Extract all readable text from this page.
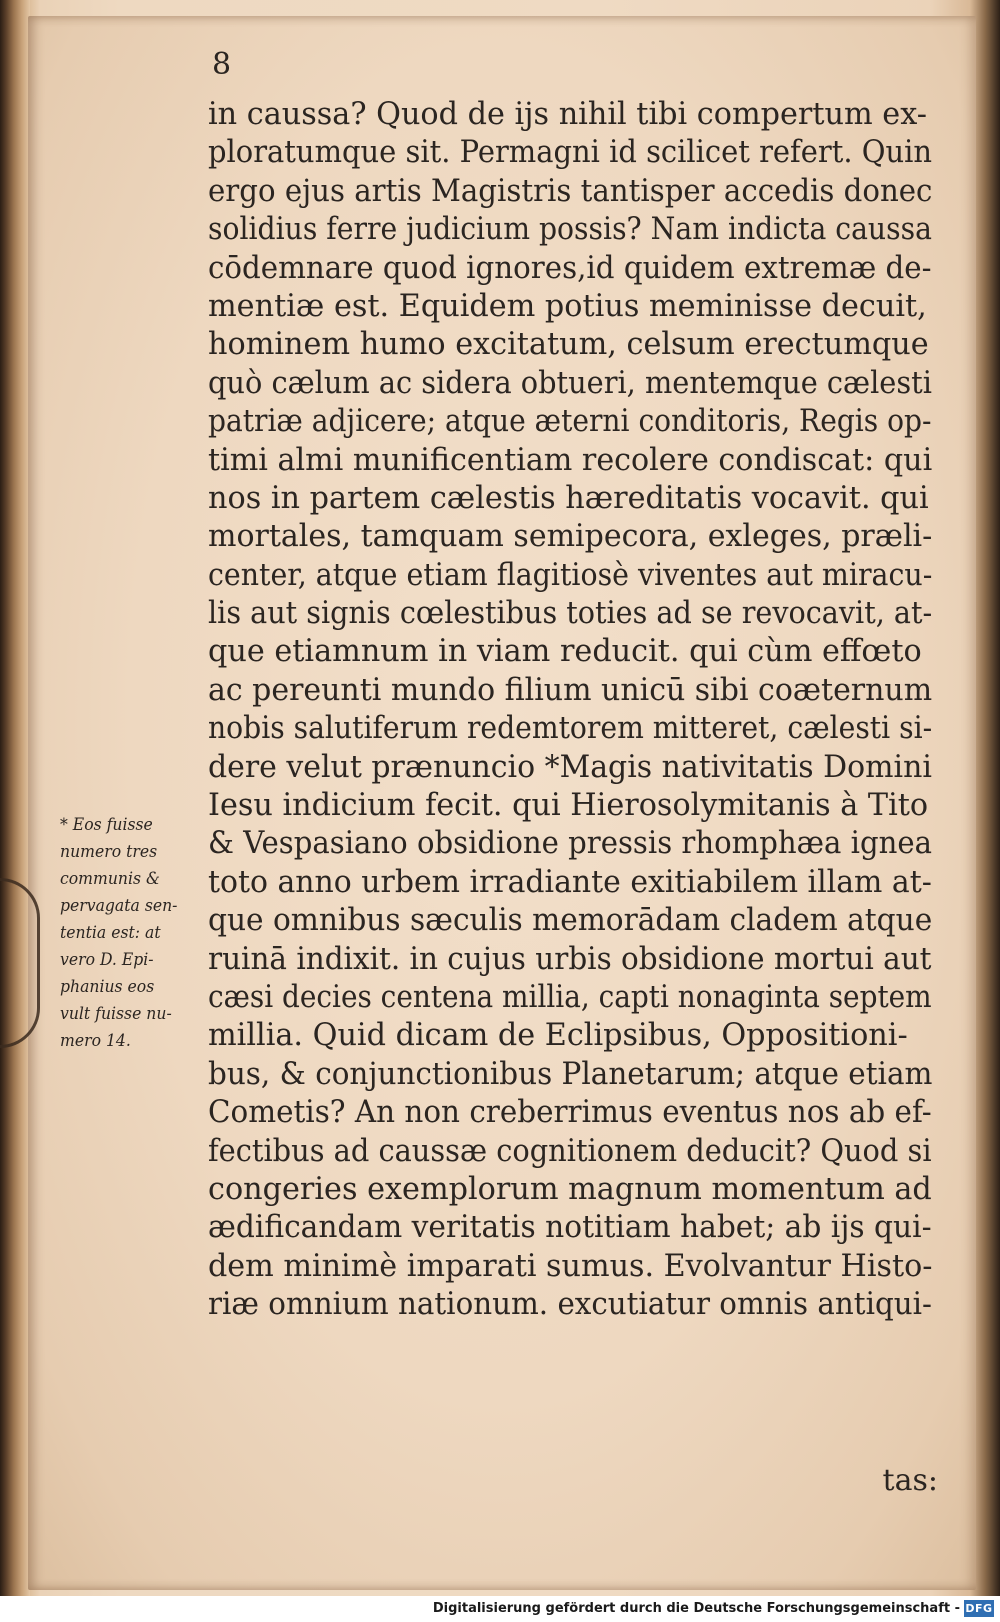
8
in caussa? Quod de ijs nihil tibi compertum ex-
ploratumque sit. Permagni id scilicet refert. Quin
ergo ejus artis Magistris tantisper accedis donec
solidius ferre judicium possis? Nam indicta caussa
cōdemnare quod ignores,id quidem extremæ de-
mentiæ est. Equidem potius meminisse decuit,
hominem humo excitatum, celsum erectumque
quò cælum ac sidera obtueri, mentemque cælesti
patriæ adjicere; atque æterni conditoris, Regis op-
timi almi munificentiam recolere condiscat: qui
nos in partem cælestis hæreditatis vocavit. qui
mortales, tamquam semipecora, exleges, præli-
center, atque etiam flagitiosè viventes aut miracu-
lis aut signis cœlestibus toties ad se revocavit, at-
que etiamnum in viam reducit. qui cùm effœto
ac pereunti mundo filium unicū sibi coæternum
nobis salutiferum redemtorem mitteret, cælesti si-
dere velut prænuncio *Magis nativitatis Domini
Iesu indicium fecit. qui Hierosolymitanis à Tito
& Vespasiano obsidione pressis rhomphæa ignea
toto anno urbem irradiante exitiabilem illam at-
que omnibus sæculis memorādam cladem atque
ruinā indixit. in cujus urbis obsidione mortui aut
cæsi decies centena millia, capti nonaginta septem
millia. Quid dicam de Eclipsibus, Oppositioni-
bus, & conjunctionibus Planetarum; atque etiam
Cometis? An non creberrimus eventus nos ab ef-
fectibus ad caussæ cognitionem deducit? Quod si
congeries exemplorum magnum momentum ad
ædificandam veritatis notitiam habet; ab ijs qui-
dem minimè imparati sumus. Evolvantur Histo-
riæ omnium nationum. excutiatur omnis antiqui-
* Eos fuisse
numero tres
communis &
pervagata sen-
tentia est: at
vero D. Epi-
phanius eos
vult fuisse nu-
mero 14.
tas:
Digitalisierung gefördert durch die Deutsche Forschungsgemeinschaft - DFG
